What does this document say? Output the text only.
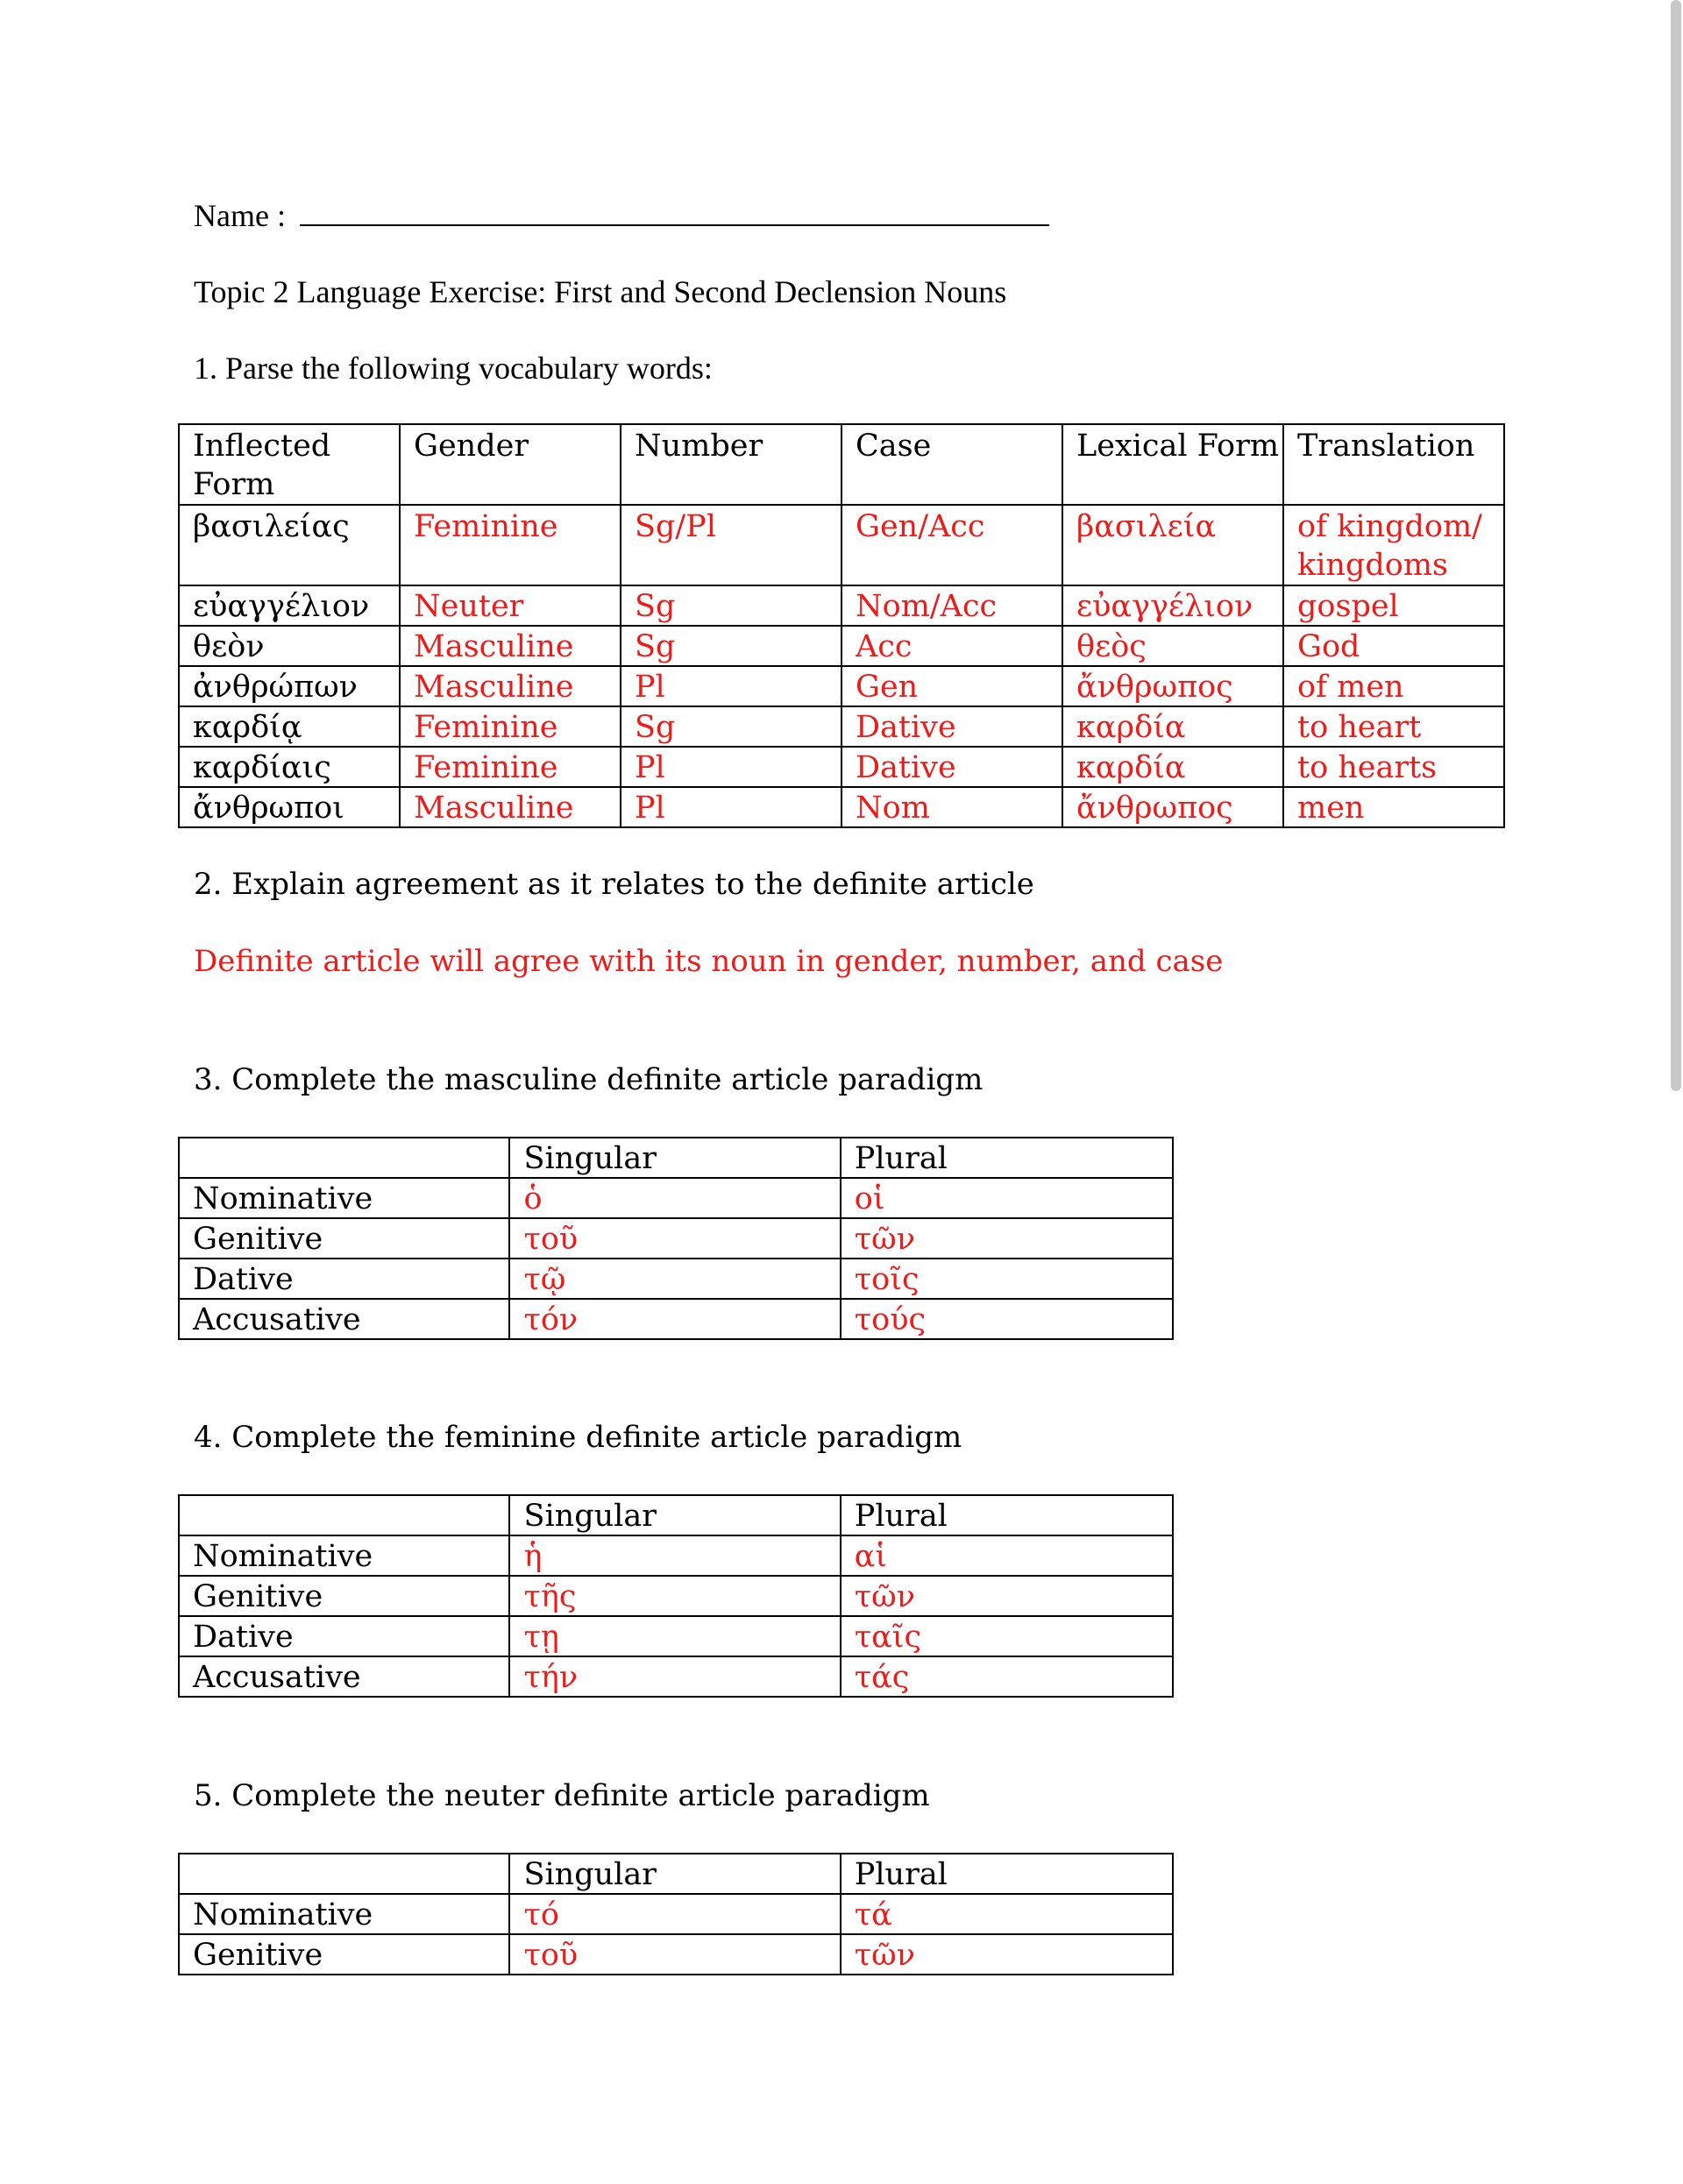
Name :
Topic 2 Language Exercise: First and Second Declension Nouns
1. Parse the following vocabulary words:
Inflected Form	Gender	Number	Case	Lexical Form	Translation
βασιλείας	Feminine	Sg/Pl	Gen/Acc	βασιλεία	of kingdom/ kingdoms
εὐαγγέλιον	Neuter	Sg	Nom/Acc	εὐαγγέλιον	gospel
θεὸν	Masculine	Sg	Acc	θεὸς	God
ἀνθρώπων	Masculine	Pl	Gen	ἄνθρωπος	of men
καρδίᾳ	Feminine	Sg	Dative	καρδία	to heart
καρδίαις	Feminine	Pl	Dative	καρδία	to hearts
ἄνθρωποι	Masculine	Pl	Nom	ἄνθρωπος	men
2. Explain agreement as it relates to the definite article
Definite article will agree with its noun in gender, number, and case
3. Complete the masculine definite article paradigm
	Singular	Plural
Nominative	ὁ	οἱ
Genitive	τοῦ	τῶν
Dative	τῷ	τοῖς
Accusative	τόν	τούς
4. Complete the feminine definite article paradigm
	Singular	Plural
Nominative	ἡ	αἱ
Genitive	τῆς	τῶν
Dative	τῃ	ταῖς
Accusative	τήν	τάς
5. Complete the neuter definite article paradigm
	Singular	Plural
Nominative	τό	τά
Genitive	τοῦ	τῶν
